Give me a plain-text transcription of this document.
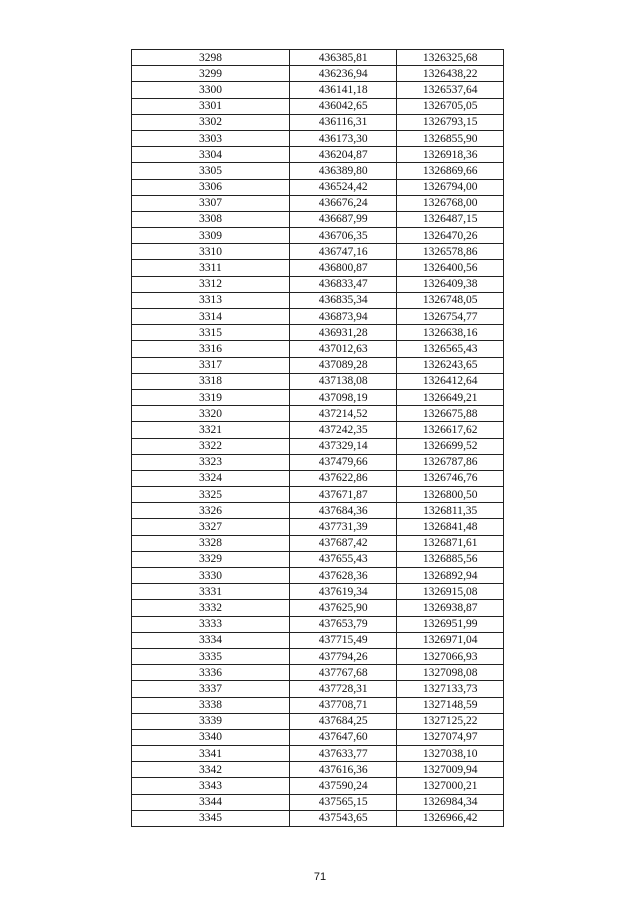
3298	436385,81	1326325,68
3299	436236,94	1326438,22
3300	436141,18	1326537,64
3301	436042,65	1326705,05
3302	436116,31	1326793,15
3303	436173,30	1326855,90
3304	436204,87	1326918,36
3305	436389,80	1326869,66
3306	436524,42	1326794,00
3307	436676,24	1326768,00
3308	436687,99	1326487,15
3309	436706,35	1326470,26
3310	436747,16	1326578,86
3311	436800,87	1326400,56
3312	436833,47	1326409,38
3313	436835,34	1326748,05
3314	436873,94	1326754,77
3315	436931,28	1326638,16
3316	437012,63	1326565,43
3317	437089,28	1326243,65
3318	437138,08	1326412,64
3319	437098,19	1326649,21
3320	437214,52	1326675,88
3321	437242,35	1326617,62
3322	437329,14	1326699,52
3323	437479,66	1326787,86
3324	437622,86	1326746,76
3325	437671,87	1326800,50
3326	437684,36	1326811,35
3327	437731,39	1326841,48
3328	437687,42	1326871,61
3329	437655,43	1326885,56
3330	437628,36	1326892,94
3331	437619,34	1326915,08
3332	437625,90	1326938,87
3333	437653,79	1326951,99
3334	437715,49	1326971,04
3335	437794,26	1327066,93
3336	437767,68	1327098,08
3337	437728,31	1327133,73
3338	437708,71	1327148,59
3339	437684,25	1327125,22
3340	437647,60	1327074,97
3341	437633,77	1327038,10
3342	437616,36	1327009,94
3343	437590,24	1327000,21
3344	437565,15	1326984,34
3345	437543,65	1326966,42
71
